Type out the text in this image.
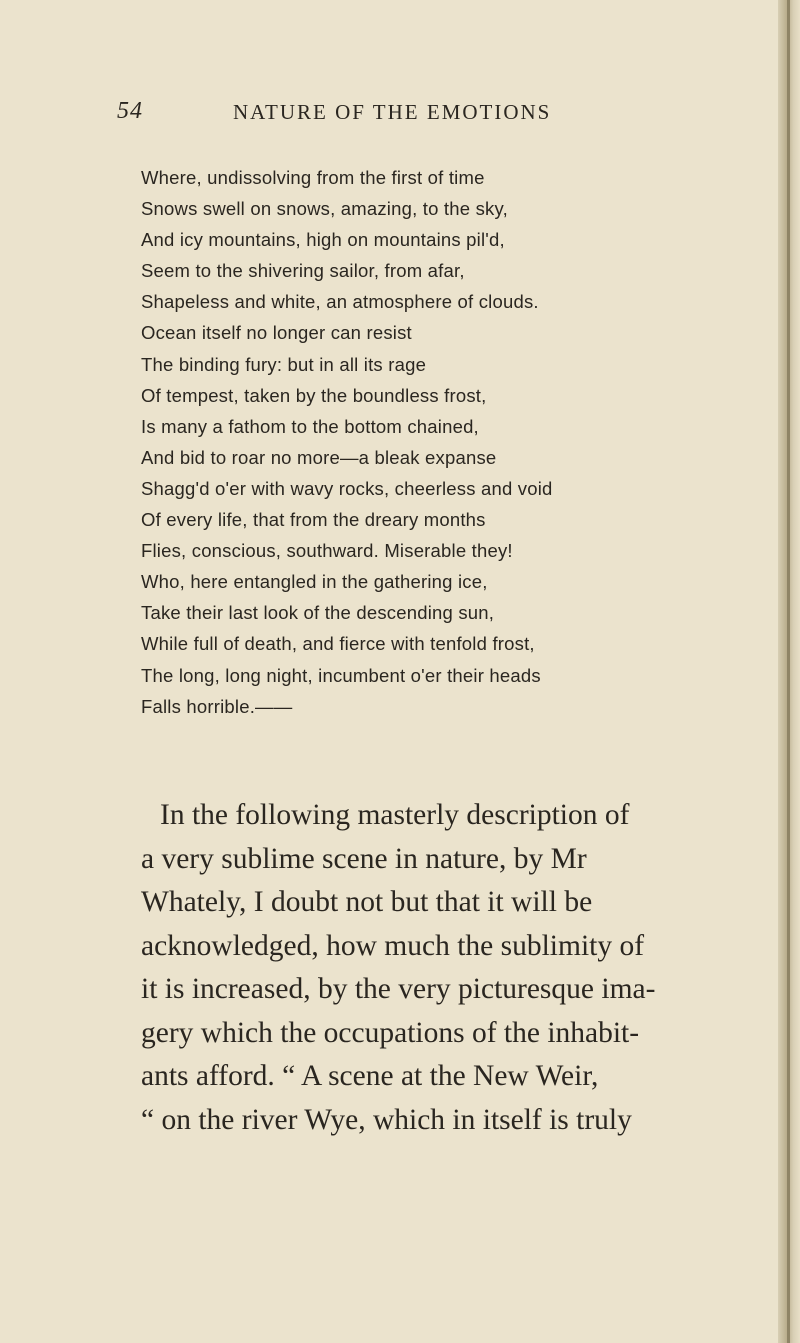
54	NATURE OF THE EMOTIONS
Where, undissolving from the first of time
Snows swell on snows, amazing, to the sky,
And icy mountains, high on mountains pil'd,
Seem to the shivering sailor, from afar,
Shapeless and white, an atmosphere of clouds.
Ocean itself no longer can resist
The binding fury: but in all its rage
Of tempest, taken by the boundless frost,
Is many a fathom to the bottom chained,
And bid to roar no more—a bleak expanse
Shagg'd o'er with wavy rocks, cheerless and void
Of every life, that from the dreary months
Flies, conscious, southward. Miserable they!
Who, here entangled in the gathering ice,
Take their last look of the descending sun,
While full of death, and fierce with tenfold frost,
The long, long night, incumbent o'er their heads
Falls horrible.——
In the following masterly description of
a very sublime scene in nature, by Mr
Whately, I doubt not but that it will be
acknowledged, how much the sublimity of
it is increased, by the very picturesque ima-
gery which the occupations of the inhabit-
ants afford. “ A scene at the New Weir,
“ on the river Wye, which in itself is truly
